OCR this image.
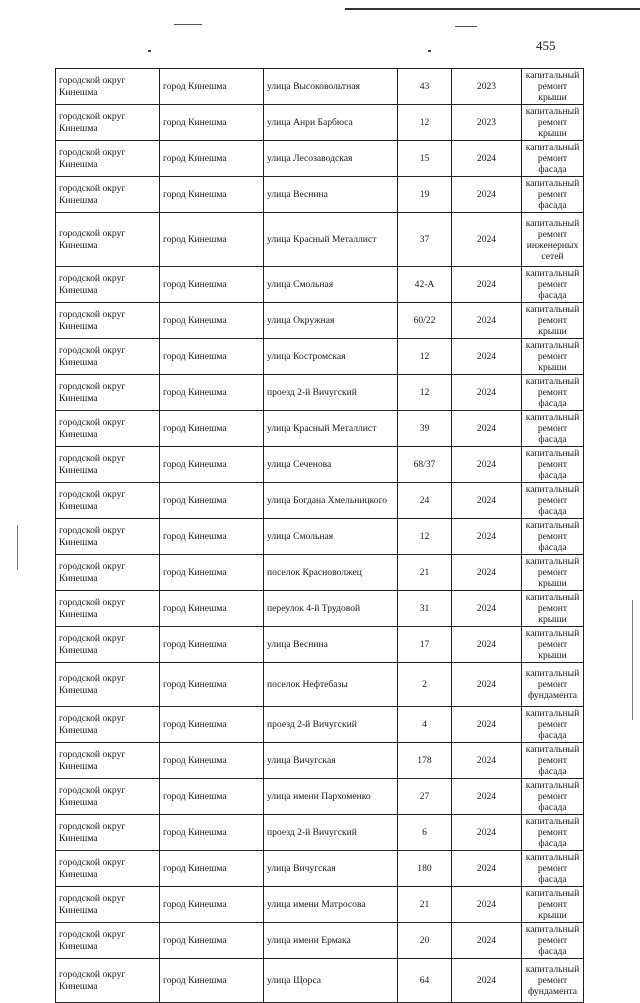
455
городской округ Кинешма	город Кинешма	улица Высоковольтная	43	2023	капитальный ремонт крыши
городской округ Кинешма	город Кинешма	улица Анри Барбюса	12	2023	капитальный ремонт крыши
городской округ Кинешма	город Кинешма	улица Лесозаводская	15	2024	капитальный ремонт фасада
городской округ Кинешма	город Кинешма	улица Веснина	19	2024	капитальный ремонт фасада
городской округ Кинешма	город Кинешма	улица Красный Металлист	37	2024	капитальный ремонт инженерных сетей
городской округ Кинешма	город Кинешма	улица Смольная	42-А	2024	капитальный ремонт фасада
городской округ Кинешма	город Кинешма	улица Окружная	60/22	2024	капитальный ремонт крыши
городской округ Кинешма	город Кинешма	улица Костромская	12	2024	капитальный ремонт крыши
городской округ Кинешма	город Кинешма	проезд 2-й Вичугский	12	2024	капитальный ремонт фасада
городской округ Кинешма	город Кинешма	улица Красный Металлист	39	2024	капитальный ремонт фасада
городской округ Кинешма	город Кинешма	улица Сеченова	68/37	2024	капитальный ремонт фасада
городской округ Кинешма	город Кинешма	улица Богдана Хмельницкого	24	2024	капитальный ремонт фасада
городской округ Кинешма	город Кинешма	улица Смольная	12	2024	капитальный ремонт фасада
городской округ Кинешма	город Кинешма	поселок Красноволжец	21	2024	капитальный ремонт крыши
городской округ Кинешма	город Кинешма	переулок 4-й Трудовой	31	2024	капитальный ремонт крыши
городской округ Кинешма	город Кинешма	улица Веснина	17	2024	капитальный ремонт крыши
городской округ Кинешма	город Кинешма	поселок Нефтебазы	2	2024	капитальный ремонт фундамента
городской округ Кинешма	город Кинешма	проезд 2-й Вичугский	4	2024	капитальный ремонт фасада
городской округ Кинешма	город Кинешма	улица Вичугская	178	2024	капитальный ремонт фасада
городской округ Кинешма	город Кинешма	улица имени Пархоменко	27	2024	капитальный ремонт фасада
городской округ Кинешма	город Кинешма	проезд 2-й Вичугский	6	2024	капитальный ремонт фасада
городской округ Кинешма	город Кинешма	улица Вичугская	180	2024	капитальный ремонт фасада
городской округ Кинешма	город Кинешма	улица имени Матросова	21	2024	капитальный ремонт крыши
городской округ Кинешма	город Кинешма	улица имени Ермака	20	2024	капитальный ремонт фасада
городской округ Кинешма	город Кинешма	улица Щорса	64	2024	капитальный ремонт фундамента
